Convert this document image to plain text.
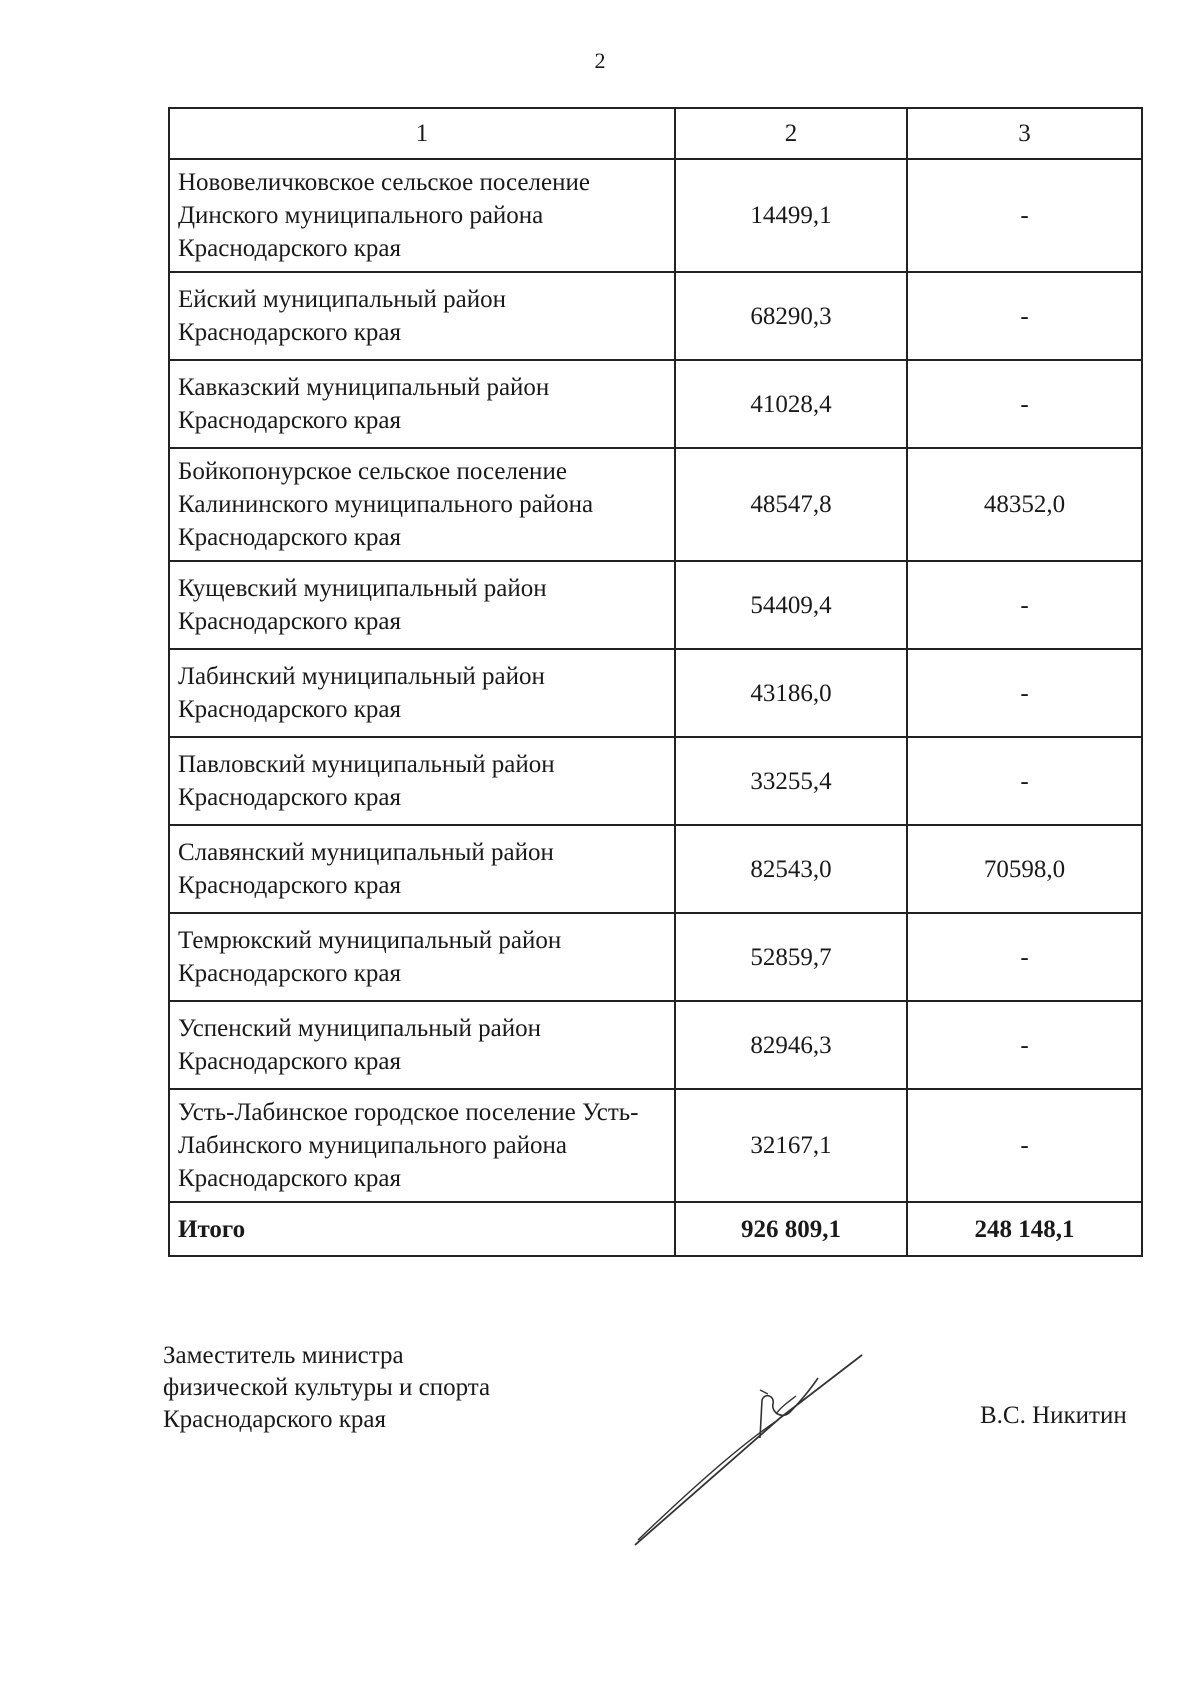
2
1	2	3
Нововеличковское сельское поселение Динского муниципального района Краснодарского края	14499,1	-
Ейский муниципальный район Краснодарского края	68290,3	-
Кавказский муниципальный район Краснодарского края	41028,4	-
Бойкопонурское сельское поселение Калининского муниципального района Краснодарского края	48547,8	48352,0
Кущевский муниципальный район Краснодарского края	54409,4	-
Лабинский муниципальный район Краснодарского края	43186,0	-
Павловский муниципальный район Краснодарского края	33255,4	-
Славянский муниципальный район Краснодарского края	82543,0	70598,0
Темрюкский муниципальный район Краснодарского края	52859,7	-
Успенский муниципальный район Краснодарского края	82946,3	-
Усть-Лабинское городское поселение Усть-Лабинского муниципального района Краснодарского края	32167,1	-
Итого	926 809,1	248 148,1
Заместитель министра
физической культуры и спорта
Краснодарского края	В.С. Никитин
